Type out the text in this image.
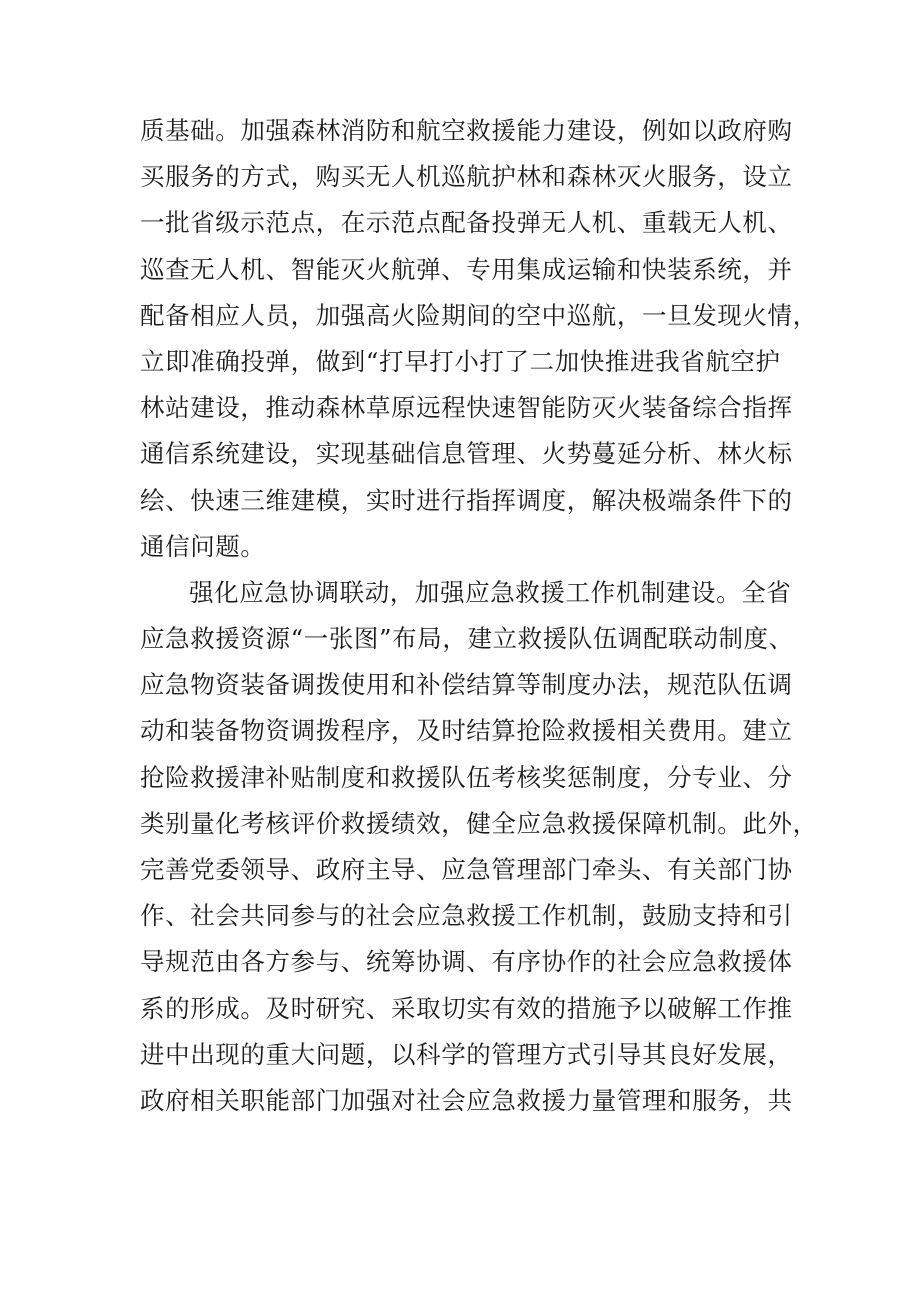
质基础。加强森林消防和航空救援能力建设，例如以政府购
买服务的方式，购买无人机巡航护林和森林灭火服务，设立
一批省级示范点，在示范点配备投弹无人机、重载无人机、
巡查无人机、智能灭火航弹、专用集成运输和快装系统，并
配备相应人员，加强高火险期间的空中巡航，一旦发现火情，
立即准确投弹，做到“打早打小打了二加快推进我省航空护
林站建设，推动森林草原远程快速智能防灭火装备综合指挥
通信系统建设，实现基础信息管理、火势蔓延分析、林火标
绘、快速三维建模，实时进行指挥调度，解决极端条件下的
通信问题。
强化应急协调联动，加强应急救援工作机制建设。全省
应急救援资源“一张图”布局，建立救援队伍调配联动制度、
应急物资装备调拨使用和补偿结算等制度办法，规范队伍调
动和装备物资调拨程序，及时结算抢险救援相关费用。建立
抢险救援津补贴制度和救援队伍考核奖惩制度，分专业、分
类别量化考核评价救援绩效，健全应急救援保障机制。此外，
完善党委领导、政府主导、应急管理部门牵头、有关部门协
作、社会共同参与的社会应急救援工作机制，鼓励支持和引
导规范由各方参与、统筹协调、有序协作的社会应急救援体
系的形成。及时研究、采取切实有效的措施予以破解工作推
进中出现的重大问题，以科学的管理方式引导其良好发展，
政府相关职能部门加强对社会应急救援力量管理和服务，共
